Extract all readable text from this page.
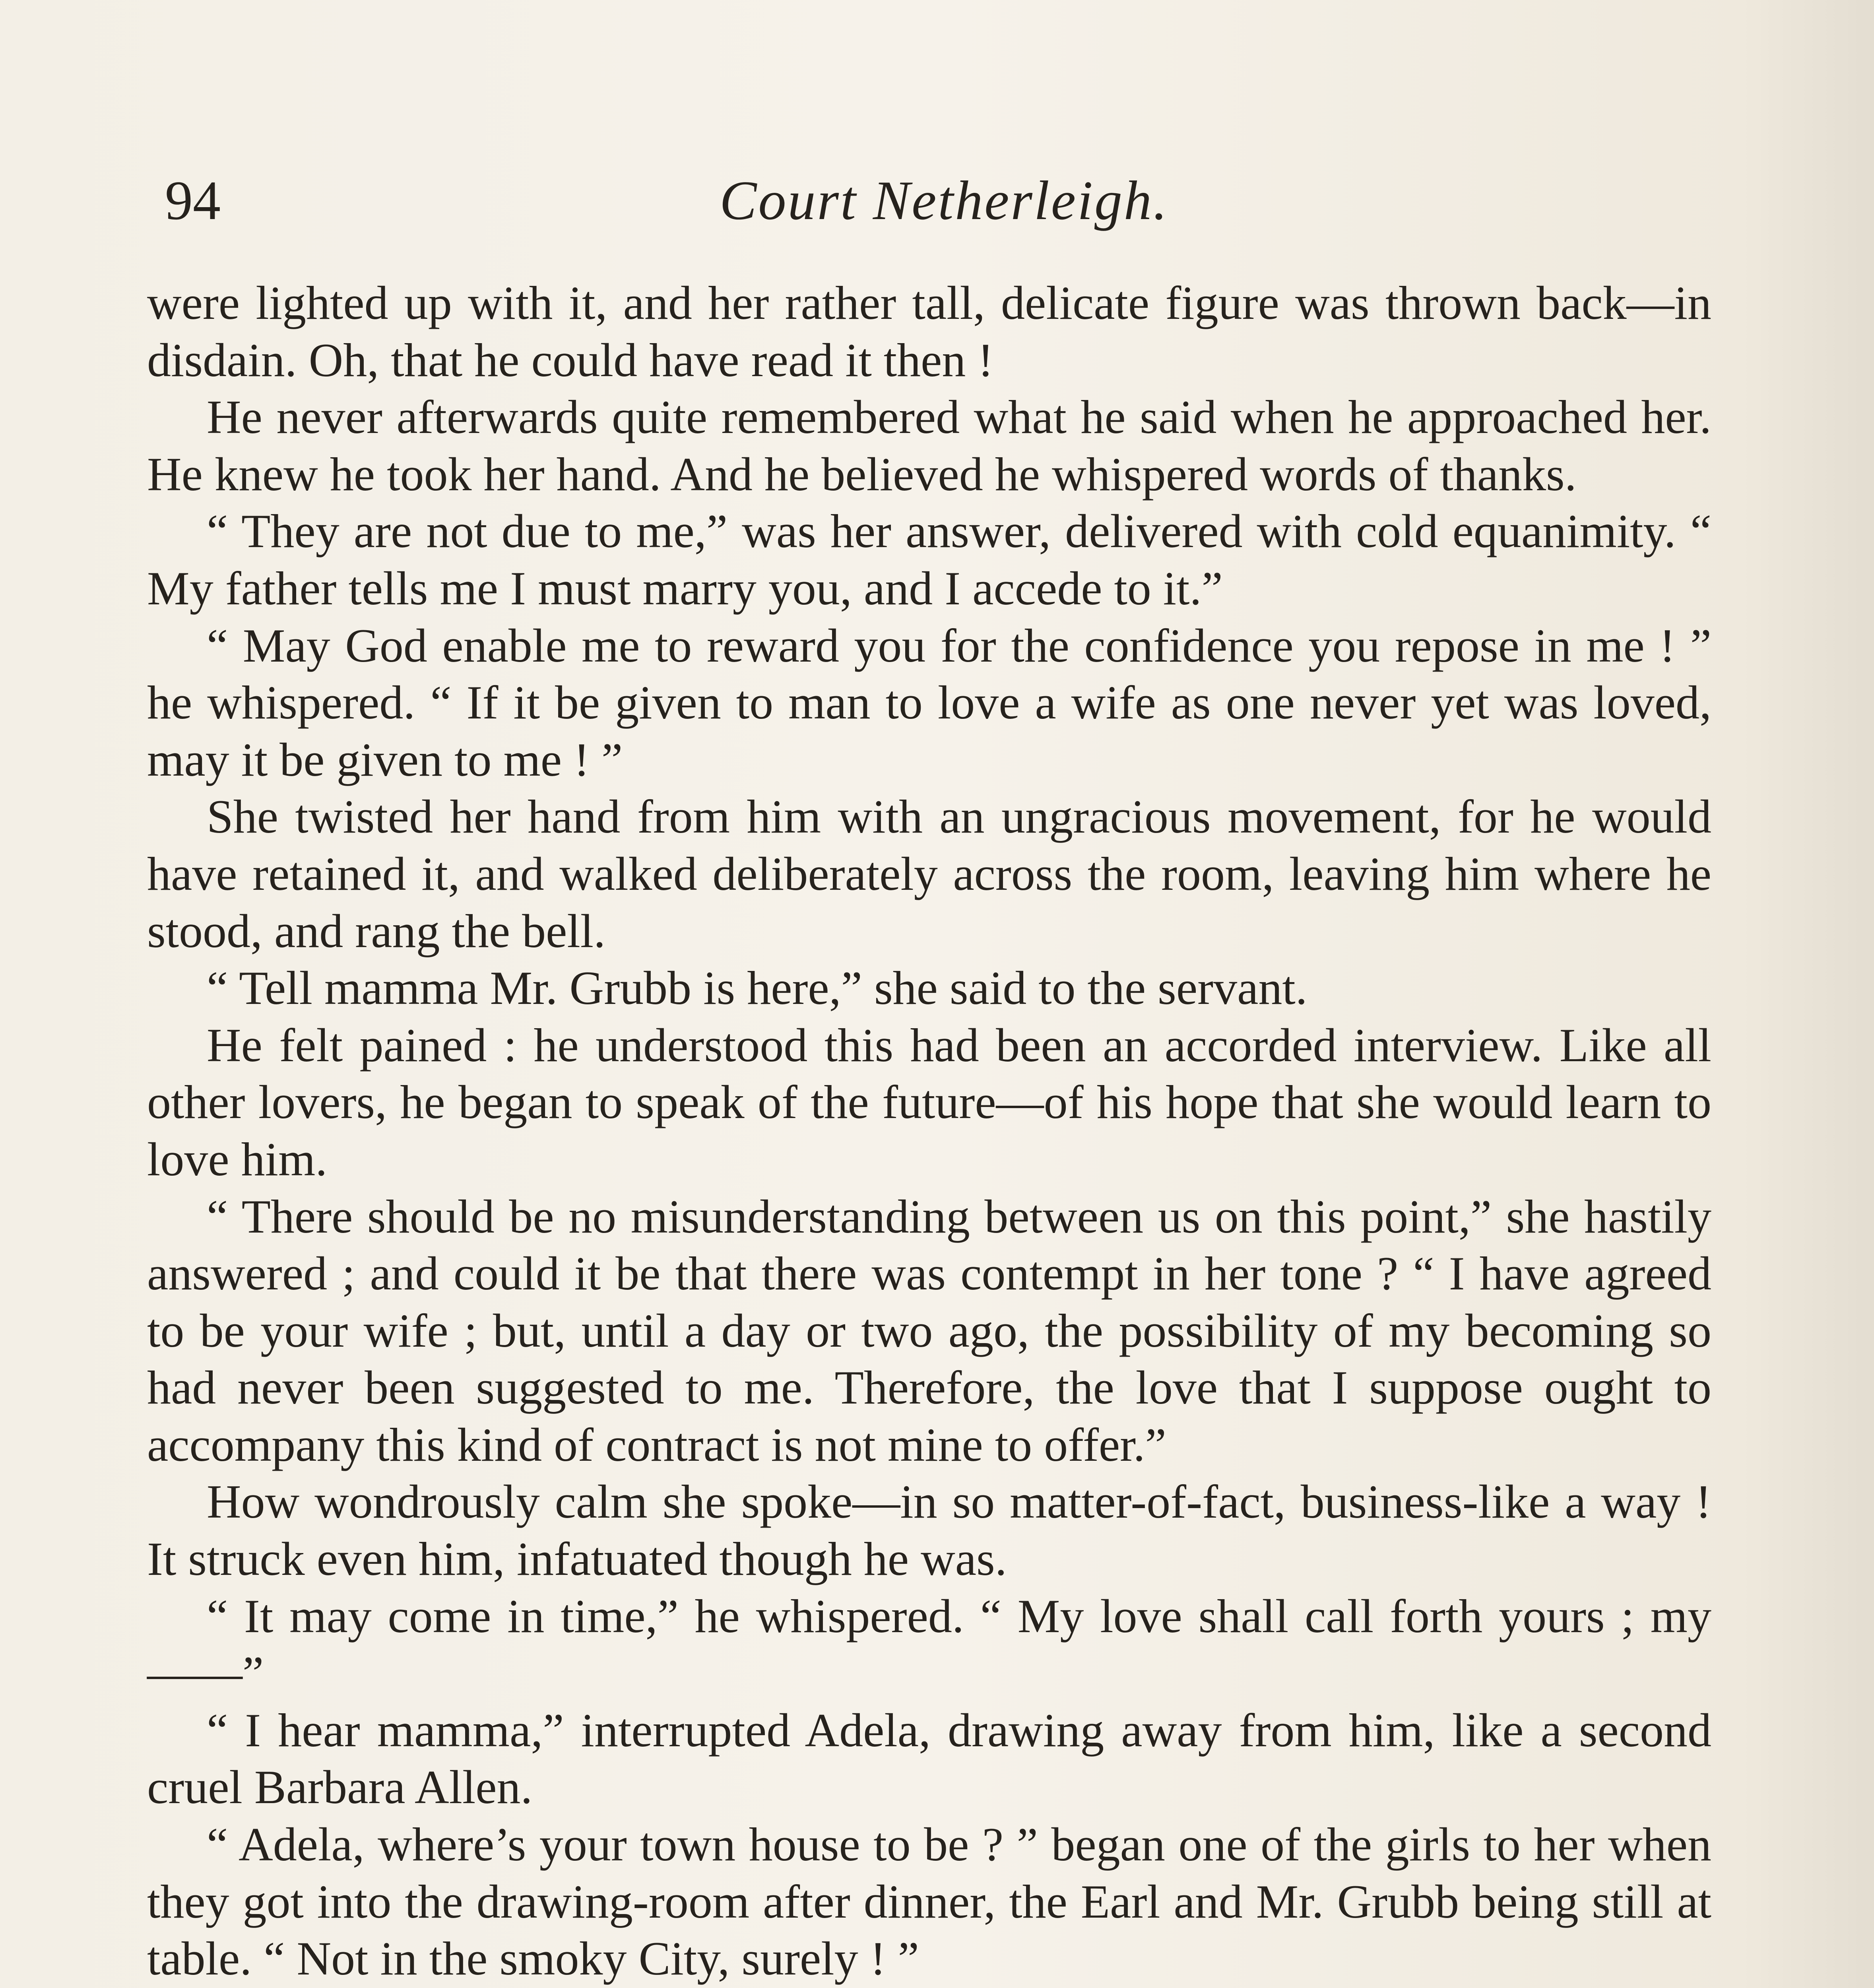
94	Court Netherleigh.

were lighted up with it, and her rather tall, delicate figure was thrown back—in disdain. Oh, that he could have read it then !

He never afterwards quite remembered what he said when he approached her. He knew he took her hand. And he believed he whispered words of thanks.

“ They are not due to me,” was her answer, delivered with cold equanimity. “ My father tells me I must marry you, and I accede to it.”

“ May God enable me to reward you for the confidence you repose in me ! ” he whispered. “ If it be given to man to love a wife as one never yet was loved, may it be given to me ! ”

She twisted her hand from him with an ungracious movement, for he would have retained it, and walked deliberately across the room, leaving him where he stood, and rang the bell.

“ Tell mamma Mr. Grubb is here,” she said to the servant.

He felt pained : he understood this had been an accorded interview. Like all other lovers, he began to speak of the future—of his hope that she would learn to love him.

“ There should be no misunderstanding between us on this point,” she hastily answered ; and could it be that there was contempt in her tone ? “ I have agreed to be your wife ; but, until a day or two ago, the possibility of my becoming so had never been suggested to me. Therefore, the love that I suppose ought to accompany this kind of contract is not mine to offer.”

How wondrously calm she spoke—in so matter-of-fact, business-like a way ! It struck even him, infatuated though he was.

“ It may come in time,” he whispered. “ My love shall call forth yours ; my ——”

“ I hear mamma,” interrupted Adela, drawing away from him, like a second cruel Barbara Allen.

“ Adela, where’s your town house to be ? ” began one of the girls to her when they got into the drawing-room after dinner, the Earl and Mr. Grubb being still at table. “ Not in the smoky City, surely ! ”
